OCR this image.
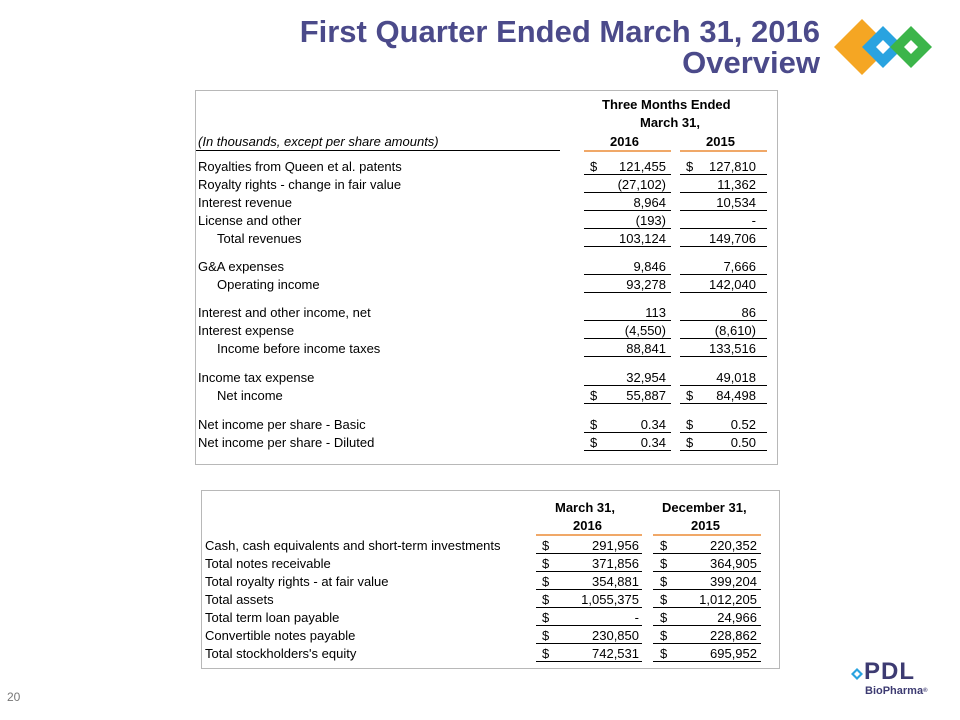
First Quarter Ended March 31, 2016
Overview
Three Months Ended
March 31,
(In thousands, except per share amounts)	2016	2015
Royalties from Queen et al. patents	$	121,455 $	127,810
Royalty rights - change in fair value	(27,102)	11,362
Interest revenue	8,964	10,534
License and other	(193)	-
Total revenues	103,124	149,706
G&A expenses	9,846	7,666
Operating income	93,278	142,040
Interest and other income, net	113	86
Interest expense	(4,550)	(8,610)
Income before income taxes	88,841	133,516
Income tax expense	32,954	49,018
Net income	$	55,887 $	84,498
Net income per share - Basic	$	0.34 $	0.52
Net income per share - Diluted	$	0.34 $	0.50
March 31,
2016
December 31,
2015
Cash, cash equivalents and short-term investments	$	291,956 $	220,352
Total notes receivable	$	371,856 $	364,905
Total royalty rights - at fair value	$	354,881 $	399,204
Total assets	$	1,055,375 $	1,012,205
Total term loan payable	$	- $	24,966
Convertible notes payable	$	230,850 $	228,862
Total stockholders's equity	$	742,531 $	695,952
20
PDL
BioPharma®
